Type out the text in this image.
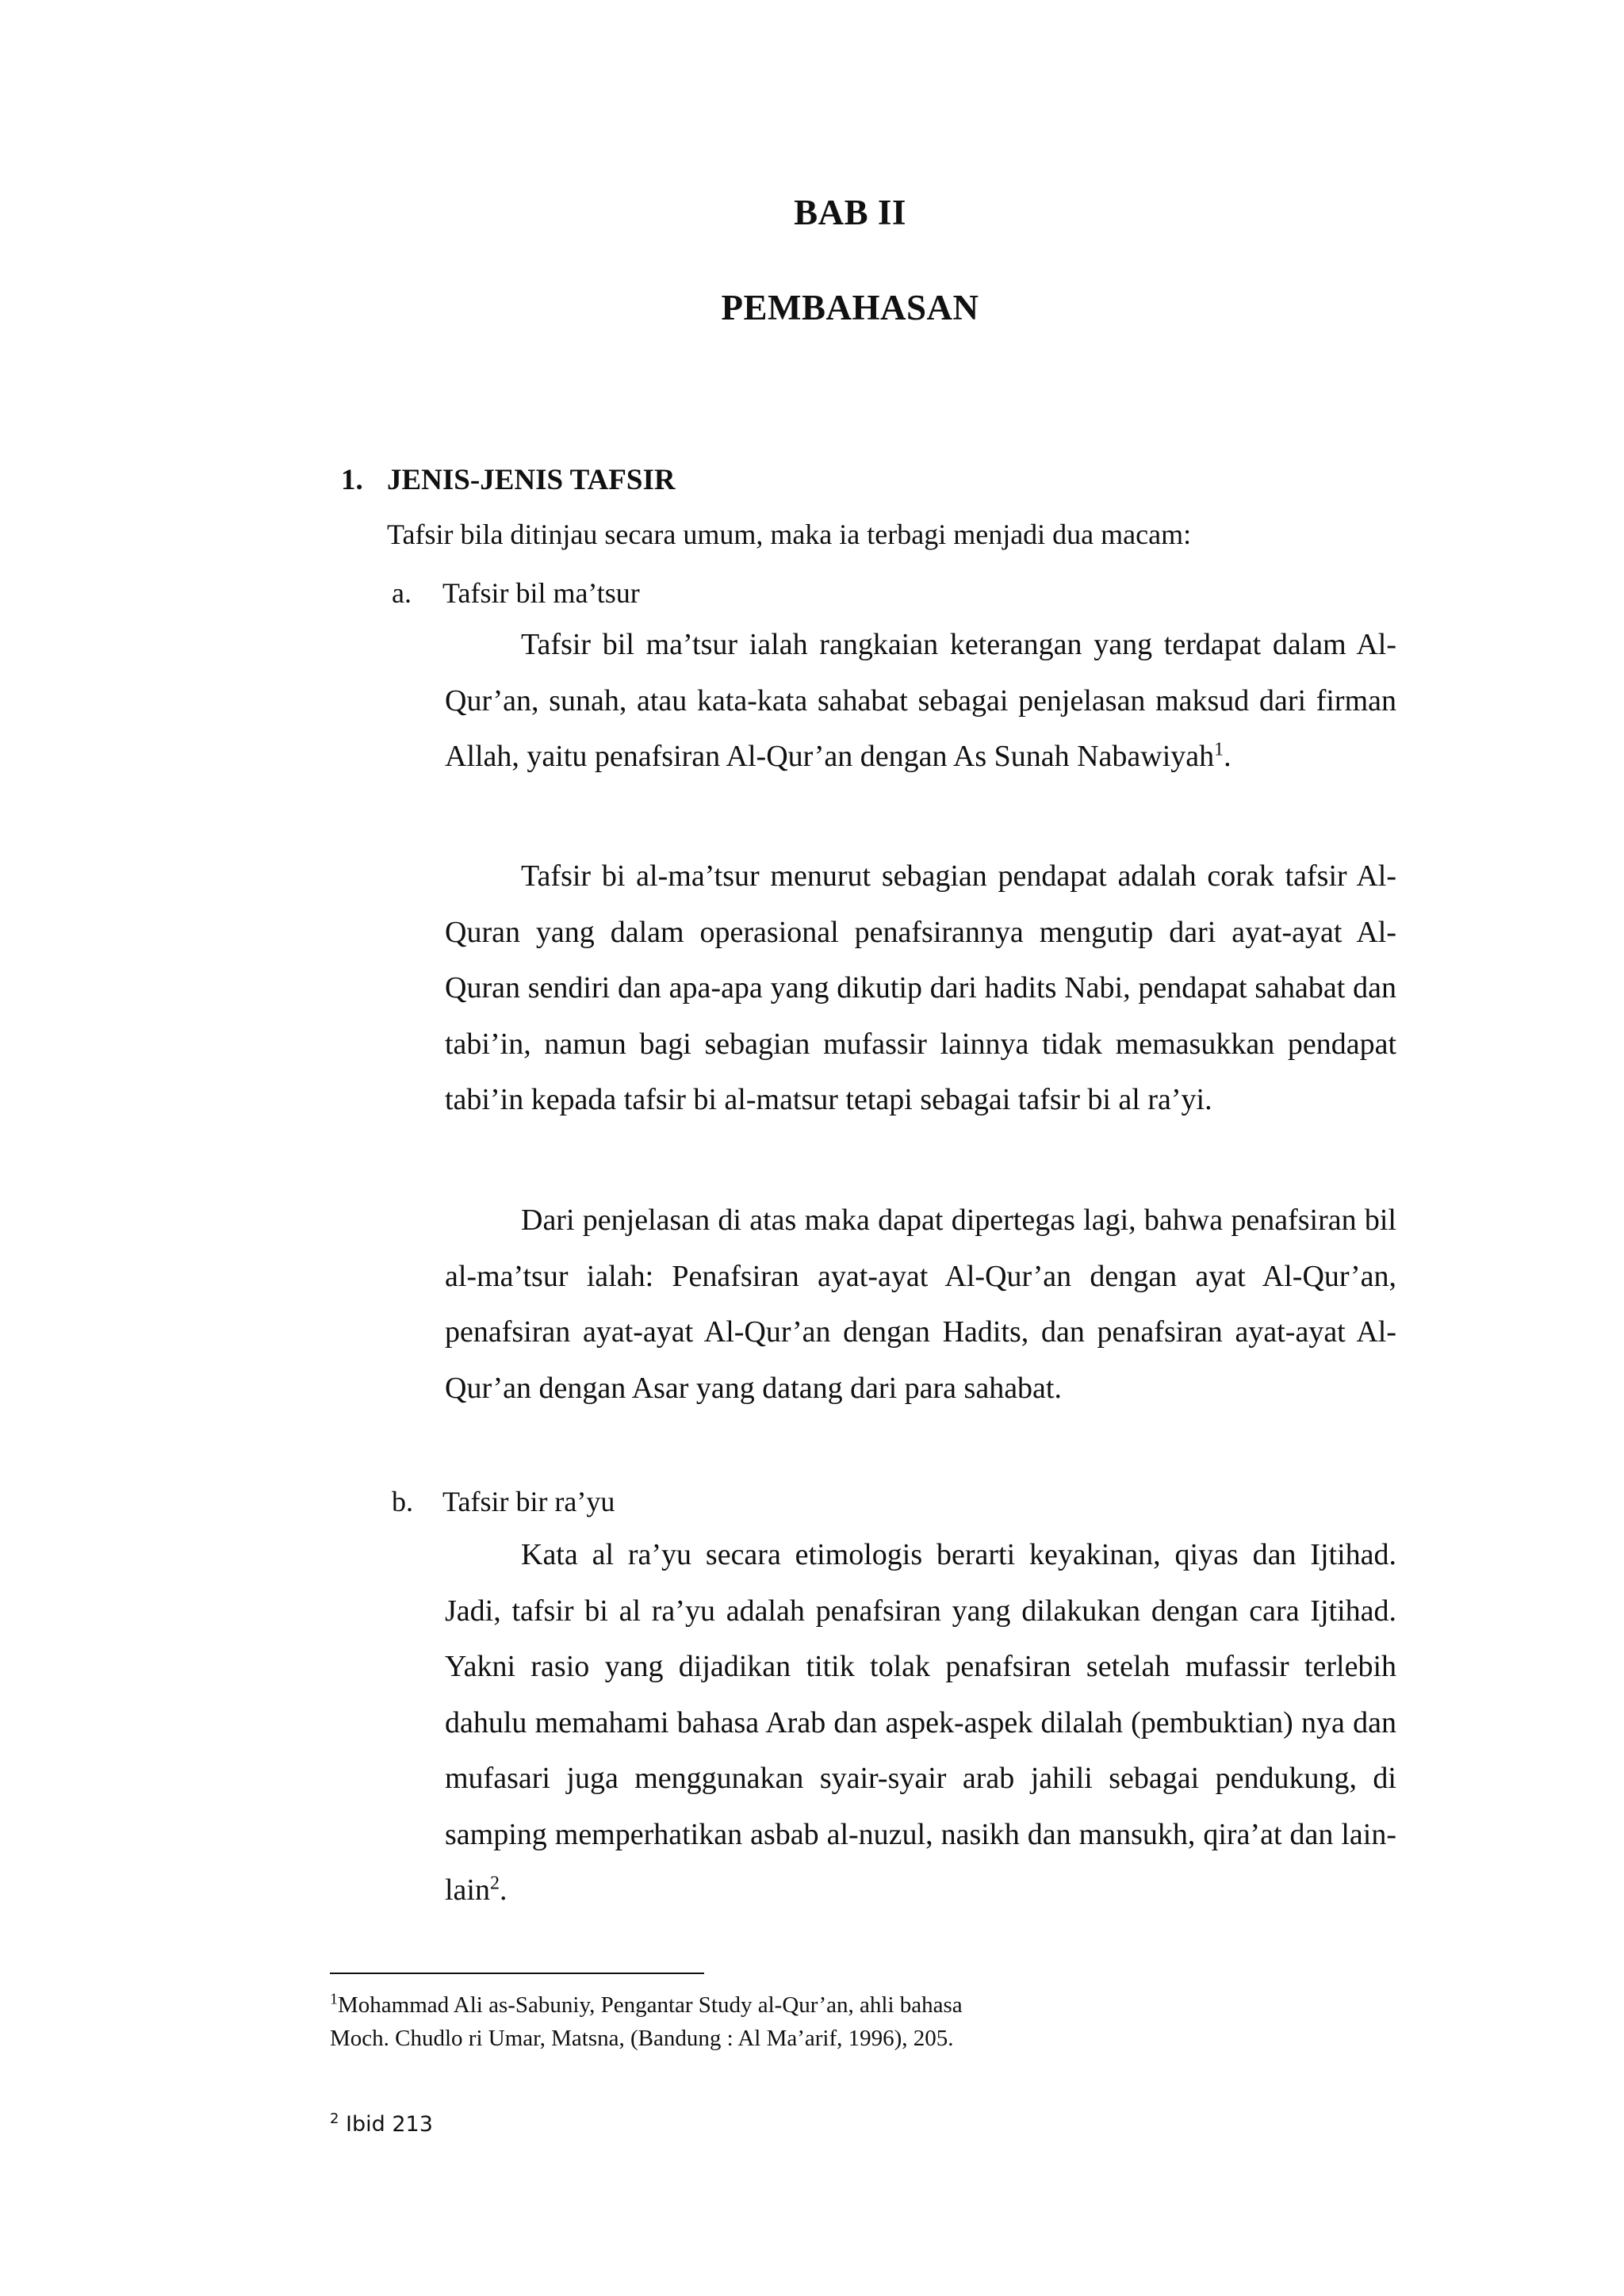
BAB II
PEMBAHASAN
1. JENIS-JENIS TAFSIR
Tafsir bila ditinjau secara umum, maka ia terbagi menjadi dua macam:
a. Tafsir bil ma’tsur

Tafsir bil ma’tsur ialah rangkaian keterangan yang terdapat dalam Al-Qur’an, sunah, atau kata-kata sahabat sebagai penjelasan maksud dari firman Allah, yaitu penafsiran Al-Qur’an dengan As Sunah Nabawiyah$^1$.

Tafsir bi al-ma’tsur menurut sebagian pendapat adalah corak tafsir Al-Quran yang dalam operasional penafsirannya mengutip dari ayat-ayat Al-Quran sendiri dan apa-apa yang dikutip dari hadits Nabi, pendapat sahabat dan tabi’in, namun bagi sebagian mufassir lainnya tidak memasukkan pendapat tabi’in kepada tafsir bi al-matsur tetapi sebagai tafsir bi al ra’yi.

Dari penjelasan di atas maka dapat dipertegas lagi, bahwa penafsiran bil al-ma’tsur ialah: Penafsiran ayat-ayat Al-Qur’an dengan ayat Al-Qur’an, penafsiran ayat-ayat Al-Qur’an dengan Hadits, dan penafsiran ayat-ayat Al-Qur’an dengan Asar yang datang dari para sahabat.

b. Tafsir bir ra’yu

Kata al ra’yu secara etimologis berarti keyakinan, qiyas dan Ijtihad. Jadi, tafsir bi al ra’yu adalah penafsiran yang dilakukan dengan cara Ijtihad. Yakni rasio yang dijadikan titik tolak penafsiran setelah mufassir terlebih dahulu memahami bahasa Arab dan aspek-aspek dilalah (pembuktian) nya dan mufasari juga menggunakan syair-syair arab jahili sebagai pendukung, di samping memperhatikan asbab al-nuzul, nasikh dan mansukh, qira’at dan lain-lain$^2$.

$^1$Mohammad Ali as-Sabuniy, Pengantar Study al-Qur’an, ahli bahasa
Moch. Chudlo ri Umar, Matsna, (Bandung : Al Ma’arif, 1996), 205.
$^2$ Ibid 213
